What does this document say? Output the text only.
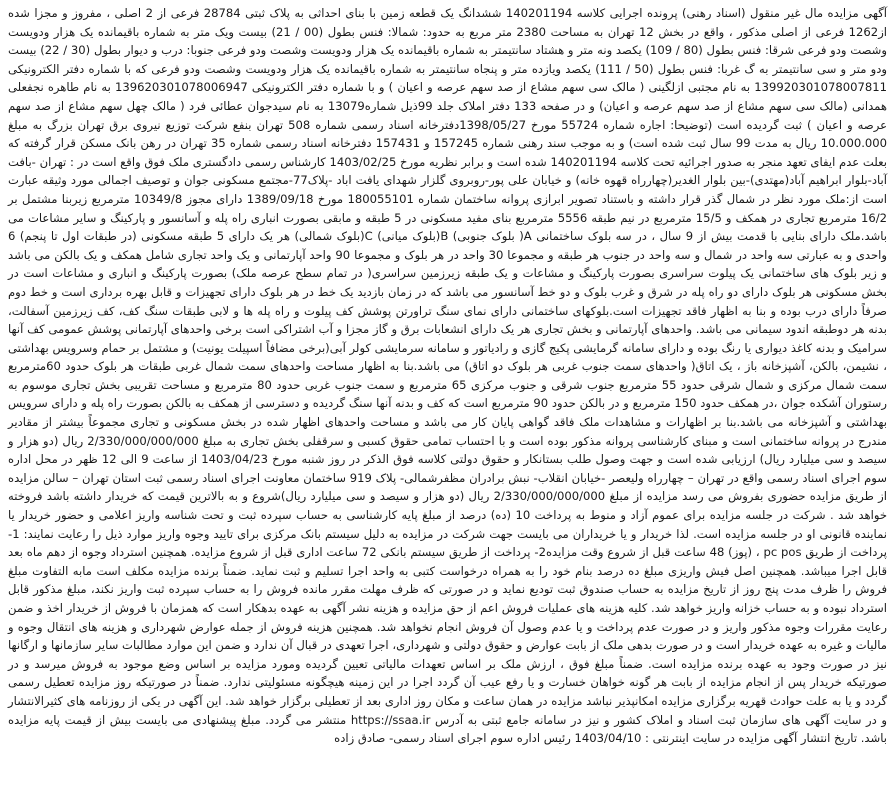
آگهی مزایده مال غیر منقول (اسناد رهنی) پرونده اجرایی کلاسه 140201194 ششدانگ یک قطعه زمین با بنای احداثی به پلاک ثبتی 28784 فرعی از 2 اصلی ، مفروز و مجزا شده از1262 فرعی از اصلی مذکور ، واقع در بخش 12 تهران به مساحت 2380 متر مربع به حدود: شمالا: فنس بطول (00 / 21) بیست ویک متر به شماره باقیمانده یک هزار ودویست وشصت ودو فرعی شرقا: فنس بطول (80 / 109) یکصد ونه متر و هشتاد سانتیمتر به شماره باقیمانده یک هزار ودویست وشصت ودو فرعی جنوبا: درب و دیوار بطول (30 / 22) بیست ودو متر و سی سانتیمتر به گ غربا: فنس بطول (50 / 111) یکصد ویازده متر و پنجاه سانتیمتر به شماره باقیمانده یک هزار ودویست وشصت ودو فرعی که با شماره دفتر الکترونیکی 139920301078007811 به نام مجتبی ازلگینی ( مالک سی سهم مشاع از صد سهم عرصه و اعیان ) و با شماره دفتر الکترونیکی 139620301078006947 به نام طاهره نجفعلی همدانی (مالک سی سهم مشاع از صد سهم عرصه و اعیان) و در صفحه 133 دفتر املاک جلد 99ذیل شماره13079 به نام سیدجوان عطائی فرد ( مالک چهل سهم مشاع از صد سهم عرصه و اعیان ) ثبت گردیده است (توضیحا: اجاره شماره 55724 مورخ 1398/05/27دفترخانه اسناد رسمی شماره 508 تهران بنفع شرکت توزیع نیروی برق تهران بزرگ به مبلغ 10.000.000 ریال به مدت 99 سال ثبت شده است) و به موجب سند رهنی شماره 157245 و 157431 دفترخانه اسناد رسمی شماره 35 تهران در رهن بانک مسکن قرار گرفته که بعلت عدم ایفای تعهد منجر به صدور اجرائیه تحت کلاسه 140201194 شده است و برابر نظریه مورخ 1403/02/25 کارشناس رسمی دادگستری ملک فوق واقع است در : تهران -بافت آباد-بلوار ابراهیم آباد(مهتدی)-بین بلوار الغدیر(چهارراه قهوه خانه) و خیابان علی پور-روبروی گلزار شهدای یافت اباد -پلاک77-مجتمع مسکونی جوان و توصیف اجمالی مورد وثیقه عبارت است از:ملک مورد نظر در شمال گذر قرار داشته و باستناد تصویر ابرازی پروانه ساختمان شماره 180055101 مورخ 1389/09/18 دارای مجوز 10349/8 مترمربع زیربنا مشتمل بر 16/2 مترمربع تجاری در همکف و 15/5 مترمربع در نیم طبقه 5556 مترمربع بنای مفید مسکونی در 5 طبقه و مابقی بصورت انباری راه پله و آسانسور و پارکینگ و سایر مشاعات می باشد.ملک دارای بنایی با قدمت بیش از 9 سال ، در سه بلوک ساختمانی A( بلوک جنوبی) B(بلوک میانی) C(بلوک شمالی) هر یک دارای 5 طبقه مسکونی (در طبقات اول تا پنجم) 6 واحدی و به عبارتی سه واحد در شمال و سه واحد در جنوب هر طبقه و مجموعا 30 واحد در هر بلوک و مجموعا 90 واحد آپارتمانی و یک واحد تجاری شامل همکف و یک بالکن می باشد و زیر بلوک های ساختمانی یک پیلوت سراسری بصورت پارکینگ و مشاعات و یک طبقه زیرزمین سراسری( در تمام سطح عرصه ملک) بصورت پارکینگ و انباری و مشاعات است در بخش مسکونی هر بلوک دارای دو راه پله در شرق و غرب بلوک و دو خط آسانسور می باشد که در زمان بازدید یک خط در هر بلوک دارای تجهیزات و قابل بهره برداری است و خط دوم صرفاً دارای درب بوده و بنا به اظهار فاقد تجهیزات است.بلوکهای ساختمانی دارای نمای سنگ تراورتن پوشش کف پیلوت و راه پله ها و لابی طبقات سنگ کف، کف زیرزمین آسفالت، بدنه هر دوطبقه اندود سیمانی می باشد. واحدهای آپارتمانی و بخش تجاری هر یک دارای انشعابات برق و گاز مجزا و آب اشتراکی است برخی واحدهای آپارتمانی پوشش عمومی کف آنها سرامیک و بدنه کاغذ دیواری یا رنگ بوده و دارای سامانه گرمایشی پکیج گازی و رادیاتور و سامانه سرمایشی کولر آبی(برخی مضافاً اسپیلت یونیت) و مشتمل بر حمام وسرویس بهداشتی ، نشیمن، بالکن، آشپزخانه باز ، یک اتاق( واحدهای سمت جنوب غربی هر بلوک دو اتاق) می باشد.بنا به اظهار مساحت واحدهای سمت شمال غربی طبقات هر بلوک حدود 60مترمربع سمت شمال مرکزی و شمال شرقی حدود 55 مترمربع جنوب شرقی و جنوب مرکزی 65 مترمربع و سمت جنوب غربی حدود 80 مترمربع و مساحت تقریبی بخش تجاری موسوم به رستوران آشکده جوان ،در همکف حدود 150 مترمربع و در بالکن حدود 90 مترمربع است که کف و بدنه آنها سنگ گردیده و دسترسی از همکف به بالکن بصورت راه پله و دارای سرویس بهداشتی و آشپزخانه می باشد.بنا بر اظهارات و مشاهدات ملک فاقد گواهی پایان کار می باشد و مساحت واحدهای اظهار شده در بخش مسکونی و تجاری مجموعاً بیشتر از مقادیر مندرج در پروانه ساختمانی است و مبنای کارشناسی پروانه مذکور بوده است و با احتساب تمامی حقوق کسبی و سرقفلی بخش تجاری به مبلغ 2/330/000/000/000 ریال (دو هزار و سیصد و سی میلیارد ریال) ارزیابی شده است و جهت وصول طلب بستانکار و حقوق دولتی کلاسه فوق الذکر در روز شنبه مورخ 1403/04/23 از ساعت 9 الی 12 ظهر در محل اداره سوم اجرای اسناد رسمی واقع در تهران – چهارراه ولیعصر -خیابان انقلاب- نبش برادران مظفرشمالی- پلاک 919 ساختمان معاونت اجرای اسناد رسمی ثبت استان تهران – سالن مزایده از طریق مزایده حضوری بفروش می رسد مزایده از مبلغ 2/330/000/000/000 ریال (دو هزار و سیصد و سی میلیارد ریال)شروع و به بالاترین قیمت که خریدار داشته باشد فروخته خواهد شد . شرکت در جلسه مزایده برای عموم آزاد و منوط به پرداخت 10 (ده) درصد از مبلغ پایه کارشناسی به حساب سپرده ثبت و تحت شناسه واریز اعلامی و حضور خریدار یا نماینده قانونی او در جلسه مزایده است. لذا خریدار و یا خریداران می بایست جهت شرکت در مزایده به دلیل سیستم بانک مرکزی برای تایید وجوه واریز موارد ذیل را رعایت نمایند: 1- پرداخت از طریق pc pos ، (پوز) 48 ساعت قبل از شروع وقت مزایده2- پرداخت از طریق سیستم بانکی 72 ساعت اداری قبل از شروع مزایده. همچنین استرداد وجوه از دهم ماه بعد قابل اجرا میباشد. همچنین اصل فیش واریزی مبلغ ده درصد بنام خود را به همراه درخواست کتبی به واحد اجرا تسلیم و ثبت نماید. ضمناً برنده مزایده مکلف است مابه التفاوت مبلغ فروش را ظرف مدت پنج روز از تاریخ مزایده به حساب صندوق ثبت تودیع نماید و در صورتی که ظرف مهلت مقرر مانده فروش را به حساب سپرده ثبت واریز نکند، مبلغ مذکور قابل استرداد نبوده و به حساب خزانه واریز خواهد شد. کلیه هزینه های عملیات فروش اعم از حق مزایده و هزینه نشر آگهی به عهده بدهکار است که همزمان با فروش از خریدار اخذ و ضمن رعایت مقررات وجوه مذکور واریز و در صورت عدم پرداخت و یا عدم وصول آن فروش انجام نخواهد شد. همچنین هزینه فروش از جمله عوارض شهرداری و هزینه های انتقال وجوه و مالیات و غیره به عهده خریدار است و در صورت بدهی ملک از بابت عوارض و حقوق دولتی و شهرداری، اجرا تعهدی در قبال آن ندارد و ضمن این موارد مطالبات سایر سازمانها و ارگانها نیز در صورت وجود به عهده برنده مزایده است. ضمناً مبلغ فوق ، ارزش ملک بر اساس تعهدات مالیاتی تعیین گردیده ومورد مزایده بر اساس وضع موجود به فروش میرسد و در صورتیکه خریدار پس از انجام مزایده از بابت هر گونه خواهان خسارت و یا رفع عیب آن گردد اجرا در این زمینه هیچگونه مسئولیتی ندارد. ضمناً در صورتیکه روز مزایده تعطیل رسمی گردد و یا به علت حوادث قهریه برگزاری مزایده امکانپذیر نباشد مزایده در همان ساعت و مکان روز اداری بعد از تعطیلی برگزار خواهد شد. این آگهی در یکی از روزنامه های کثیرالانتشار و در سایت آگهی های سازمان ثبت اسناد و املاک کشور و نیز در سامانه جامع ثبتی به آدرس https://ssaa.ir منتشر می گردد. مبلغ پیشنهادی می بایست بیش از قیمت پایه مزایده باشد. تاریخ انتشار آگهی مزایده در سایت اینترنتی : 1403/04/10 رئیس اداره سوم اجرای اسناد رسمی- صادق زاده
